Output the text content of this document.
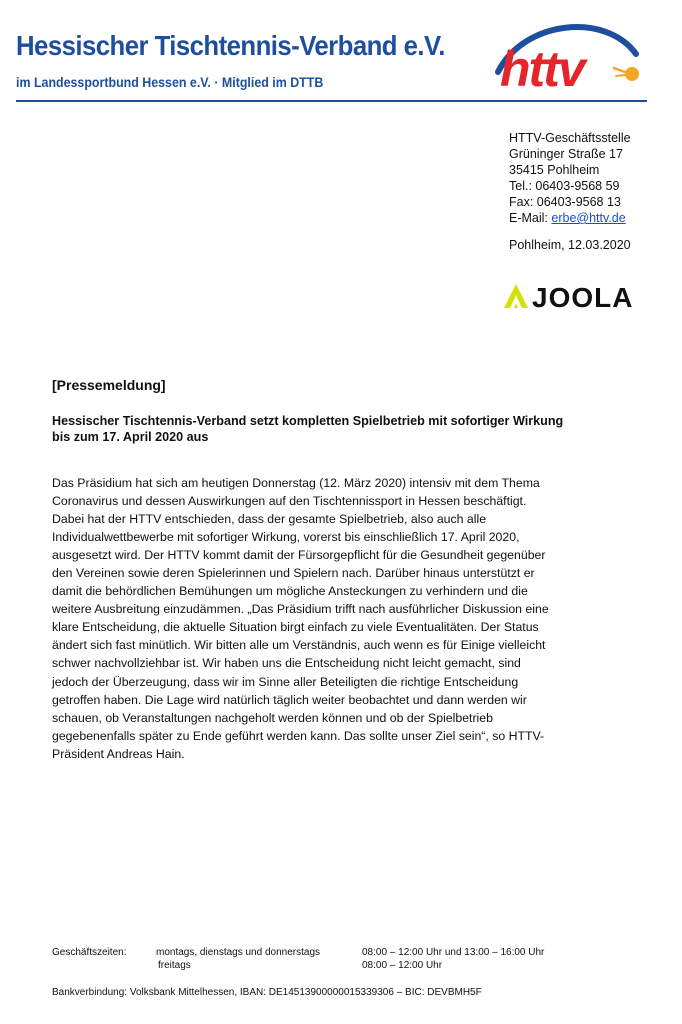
Hessischer Tischtennis-Verband e.V.
im Landessportbund Hessen e.V. · Mitglied im DTTB	httv
HTTV-Geschäftsstelle
Grüninger Straße 17
35415 Pohlheim
Tel.: 06403-9568 59
Fax: 06403-9568 13
E-Mail: erbe@httv.de
Pohlheim, 12.03.2020
JOOLA
[Pressemeldung]
Hessischer Tischtennis-Verband setzt kompletten Spielbetrieb mit sofortiger Wirkung
bis zum 17. April 2020 aus
Das Präsidium hat sich am heutigen Donnerstag (12. März 2020) intensiv mit dem Thema
Coronavirus und dessen Auswirkungen auf den Tischtennissport in Hessen beschäftigt.
Dabei hat der HTTV entschieden, dass der gesamte Spielbetrieb, also auch alle
Individualwettbewerbe mit sofortiger Wirkung, vorerst bis einschließlich 17. April 2020,
ausgesetzt wird. Der HTTV kommt damit der Fürsorgepflicht für die Gesundheit gegenüber
den Vereinen sowie deren Spielerinnen und Spielern nach. Darüber hinaus unterstützt er
damit die behördlichen Bemühungen um mögliche Ansteckungen zu verhindern und die
weitere Ausbreitung einzudämmen. „Das Präsidium trifft nach ausführlicher Diskussion eine
klare Entscheidung, die aktuelle Situation birgt einfach zu viele Eventualitäten. Der Status
ändert sich fast minütlich. Wir bitten alle um Verständnis, auch wenn es für Einige vielleicht
schwer nachvollziehbar ist. Wir haben uns die Entscheidung nicht leicht gemacht, sind
jedoch der Überzeugung, dass wir im Sinne aller Beteiligten die richtige Entscheidung
getroffen haben. Die Lage wird natürlich täglich weiter beobachtet und dann werden wir
schauen, ob Veranstaltungen nachgeholt werden können und ob der Spielbetrieb
gegebenenfalls später zu Ende geführt werden kann. Das sollte unser Ziel sein“, so HTTV-
Präsident Andreas Hain.
Geschäftszeiten:	montags, dienstags und donnerstags
freitags
08:00 – 12:00 Uhr und 13:00 – 16:00 Uhr
08:00 – 12:00 Uhr
Bankverbindung: Volksbank Mittelhessen, IBAN: DE14513900000015339306 – BIC: DEVBMH5F
